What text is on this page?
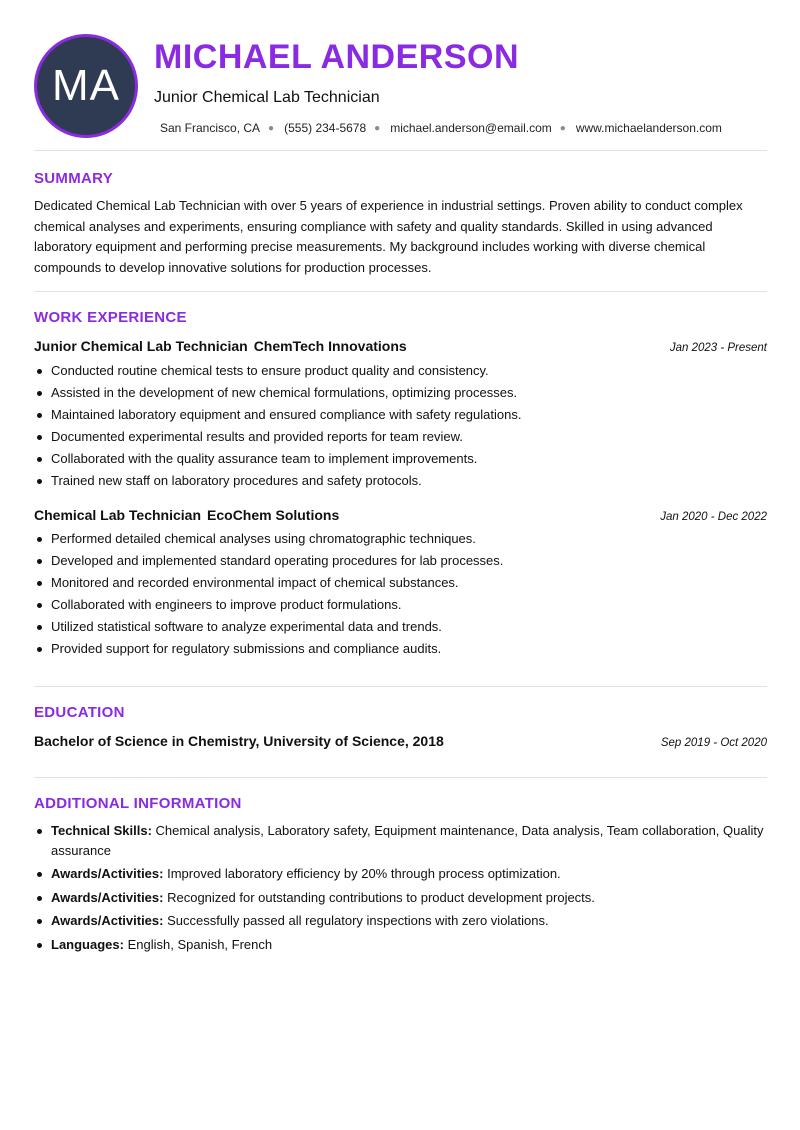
MA
MICHAEL ANDERSON
Junior Chemical Lab Technician
San Francisco, CA ● (555) 234-5678 ● michael.anderson@email.com ● www.michaelanderson.com
SUMMARY
Dedicated Chemical Lab Technician with over 5 years of experience in industrial settings. Proven ability to conduct complex chemical analyses and experiments, ensuring compliance with safety and quality standards. Skilled in using advanced laboratory equipment and performing precise measurements. My background includes working with diverse chemical compounds to develop innovative solutions for production processes.
WORK EXPERIENCE
Junior Chemical Lab Technician ChemTech Innovations	Jan 2023 - Present
Conducted routine chemical tests to ensure product quality and consistency.
Assisted in the development of new chemical formulations, optimizing processes.
Maintained laboratory equipment and ensured compliance with safety regulations.
Documented experimental results and provided reports for team review.
Collaborated with the quality assurance team to implement improvements.
Trained new staff on laboratory procedures and safety protocols.
Chemical Lab Technician EcoChem Solutions	Jan 2020 - Dec 2022
Performed detailed chemical analyses using chromatographic techniques.
Developed and implemented standard operating procedures for lab processes.
Monitored and recorded environmental impact of chemical substances.
Collaborated with engineers to improve product formulations.
Utilized statistical software to analyze experimental data and trends.
Provided support for regulatory submissions and compliance audits.
EDUCATION
Bachelor of Science in Chemistry, University of Science, 2018	Sep 2019 - Oct 2020
ADDITIONAL INFORMATION
Technical Skills: Chemical analysis, Laboratory safety, Equipment maintenance, Data analysis, Team collaboration, Quality assurance
Awards/Activities: Improved laboratory efficiency by 20% through process optimization.
Awards/Activities: Recognized for outstanding contributions to product development projects.
Awards/Activities: Successfully passed all regulatory inspections with zero violations.
Languages: English, Spanish, French
